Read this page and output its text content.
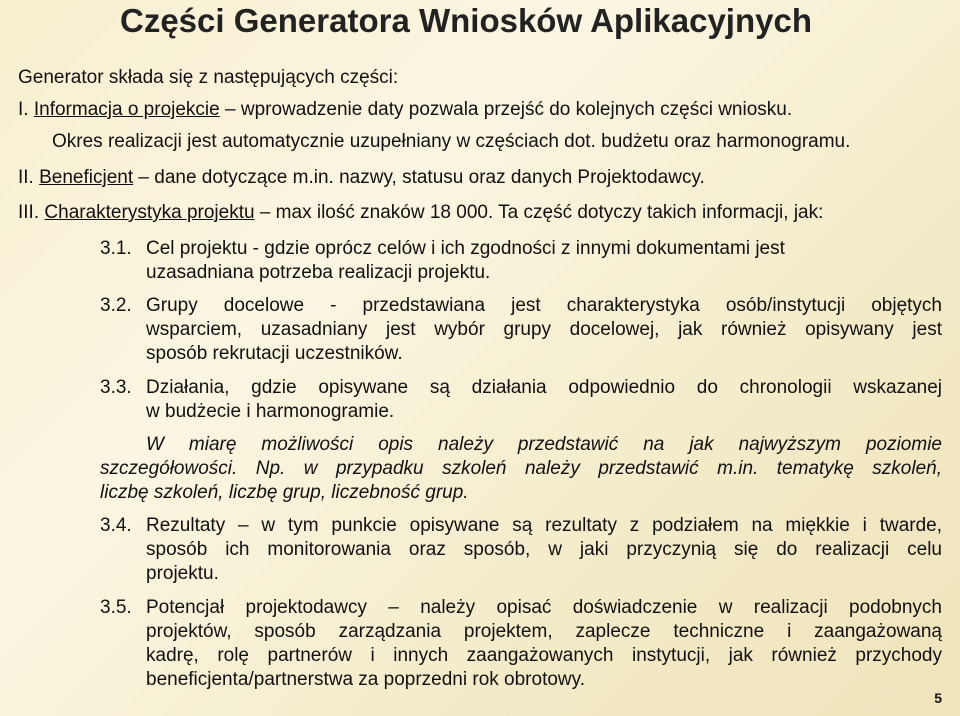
Części Generatora Wniosków Aplikacyjnych
Generator składa się z następujących części:
I. Informacja o projekcie – wprowadzenie daty pozwala przejść do kolejnych części wniosku.
Okres realizacji jest automatycznie uzupełniany w częściach dot. budżetu oraz harmonogramu.
II. Beneficjent – dane dotyczące m.in. nazwy, statusu oraz danych Projektodawcy.
III. Charakterystyka projektu – max ilość znaków 18 000. Ta część dotyczy takich informacji, jak:
3.1. Cel projektu - gdzie oprócz celów i ich zgodności z innymi dokumentami jest
uzasadniana potrzeba realizacji projektu.
3.2. Grupy docelowe - przedstawiana jest charakterystyka osób/instytucji objętych
wsparciem, uzasadniany jest wybór grupy docelowej, jak również opisywany jest
sposób rekrutacji uczestników.
3.3. Działania, gdzie opisywane są działania odpowiednio do chronologii wskazanej
w budżecie i harmonogramie.
W miarę możliwości opis należy przedstawić na jak najwyższym poziomie
szczegółowości. Np. w przypadku szkoleń należy przedstawić m.in. tematykę szkoleń,
liczbę szkoleń, liczbę grup, liczebność grup.
3.4. Rezultaty – w tym punkcie opisywane są rezultaty z podziałem na miękkie i twarde,
sposób ich monitorowania oraz sposób, w jaki przyczynią się do realizacji celu
projektu.
3.5. Potencjał projektodawcy – należy opisać doświadczenie w realizacji podobnych
projektów, sposób zarządzania projektem, zaplecze techniczne i zaangażowaną
kadrę, rolę partnerów i innych zaangażowanych instytucji, jak również przychody
beneficjenta/partnerstwa za poprzedni rok obrotowy.
5
